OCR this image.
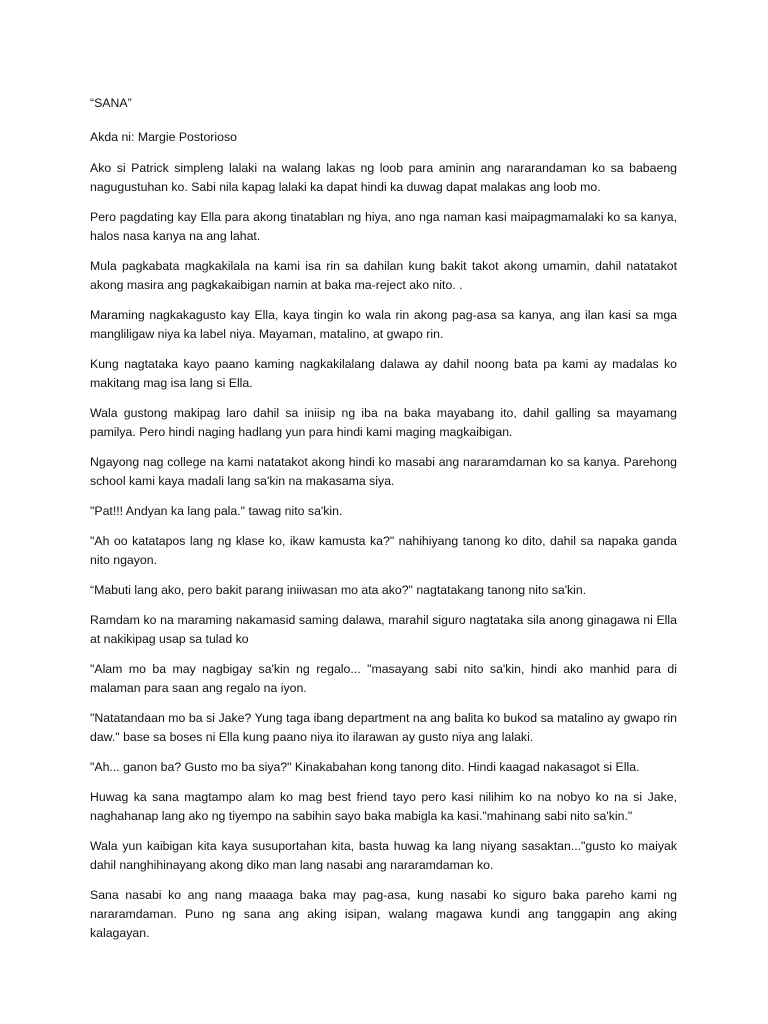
“SANA”

Akda ni: Margie Postorioso

Ako si Patrick simpleng lalaki na walang lakas ng loob para aminin ang nararandaman ko sa babaeng nagugustuhan ko. Sabi nila kapag lalaki ka dapat hindi ka duwag dapat malakas ang loob mo.

Pero pagdating kay Ella para akong tinatablan ng hiya, ano nga naman kasi maipagmamalaki ko sa kanya, halos nasa kanya na ang lahat.

Mula pagkabata magkakilala na kami isa rin sa dahilan kung bakit takot akong umamin, dahil natatakot akong masira ang pagkakaibigan namin at baka ma-reject ako nito. .

Maraming nagkakagusto kay Ella, kaya tingin ko wala rin akong pag-asa sa kanya, ang ilan kasi sa mga mangliligaw niya ka label niya. Mayaman, matalino, at gwapo rin.

Kung nagtataka kayo paano kaming nagkakilalang dalawa ay dahil noong bata pa kami ay madalas ko makitang mag isa lang si Ella.

Wala gustong makipag laro dahil sa iniisip ng iba na baka mayabang ito, dahil galling sa mayamang pamilya. Pero hindi naging hadlang yun para hindi kami maging magkaibigan.

Ngayong nag college na kami natatakot akong hindi ko masabi ang nararamdaman ko sa kanya. Parehong school kami kaya madali lang sa'kin na makasama siya.

"Pat!!! Andyan ka lang pala." tawag nito sa'kin.

"Ah oo katatapos lang ng klase ko, ikaw kamusta ka?" nahihiyang tanong ko dito, dahil sa napaka ganda nito ngayon.

“Mabuti lang ako, pero bakit parang iniiwasan mo ata ako?" nagtatakang tanong nito sa'kin.

Ramdam ko na maraming nakamasid saming dalawa, marahil siguro nagtataka sila anong ginagawa ni Ella at nakikipag usap sa tulad ko

"Alam mo ba may nagbigay sa'kin ng regalo... "masayang sabi nito sa'kin, hindi ako manhid para di malaman para saan ang regalo na iyon.

"Natatandaan mo ba si Jake? Yung taga ibang department na ang balita ko bukod sa matalino ay gwapo rin daw." base sa boses ni Ella kung paano niya ito ilarawan ay gusto niya ang lalaki.

"Ah... ganon ba? Gusto mo ba siya?" Kinakabahan kong tanong dito. Hindi kaagad nakasagot si Ella.

Huwag ka sana magtampo alam ko mag best friend tayo pero kasi nilihim ko na nobyo ko na si Jake, naghahanap lang ako ng tiyempo na sabihin sayo baka mabigla ka kasi."mahinang sabi nito sa'kin."

Wala yun kaibigan kita kaya susuportahan kita, basta huwag ka lang niyang sasaktan..."gusto ko maiyak dahil nanghihinayang akong diko man lang nasabi ang nararamdaman ko.

Sana nasabi ko ang nang maaaga baka may pag-asa, kung nasabi ko siguro baka pareho kami ng nararamdaman. Puno ng sana ang aking isipan, walang magawa kundi ang tanggapin ang aking kalagayan.
